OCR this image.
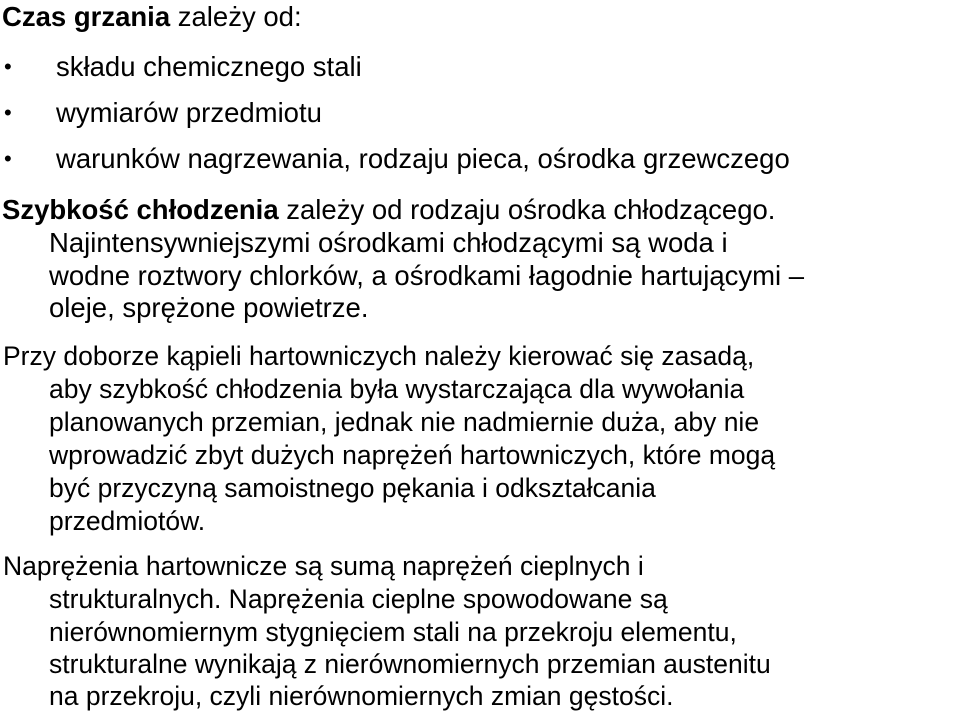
Czas grzania zależy od:
• składu chemicznego stali
• wymiarów przedmiotu
• warunków nagrzewania, rodzaju pieca, ośrodka grzewczego
Szybkość chłodzenia zależy od rodzaju ośrodka chłodzącego.
Najintensywniejszymi ośrodkami chłodzącymi są woda i
wodne roztwory chlorków, a ośrodkami łagodnie hartującymi –
oleje, sprężone powietrze.
Przy doborze kąpieli hartowniczych należy kierować się zasadą,
aby szybkość chłodzenia była wystarczająca dla wywołania
planowanych przemian, jednak nie nadmiernie duża, aby nie
wprowadzić zbyt dużych naprężeń hartowniczych, które mogą
być przyczyną samoistnego pękania i odkształcania
przedmiotów.
Naprężenia hartownicze są sumą naprężeń cieplnych i
strukturalnych. Naprężenia cieplne spowodowane są
nierównomiernym stygnięciem stali na przekroju elementu,
strukturalne wynikają z nierównomiernych przemian austenitu
na przekroju, czyli nierównomiernych zmian gęstości.
